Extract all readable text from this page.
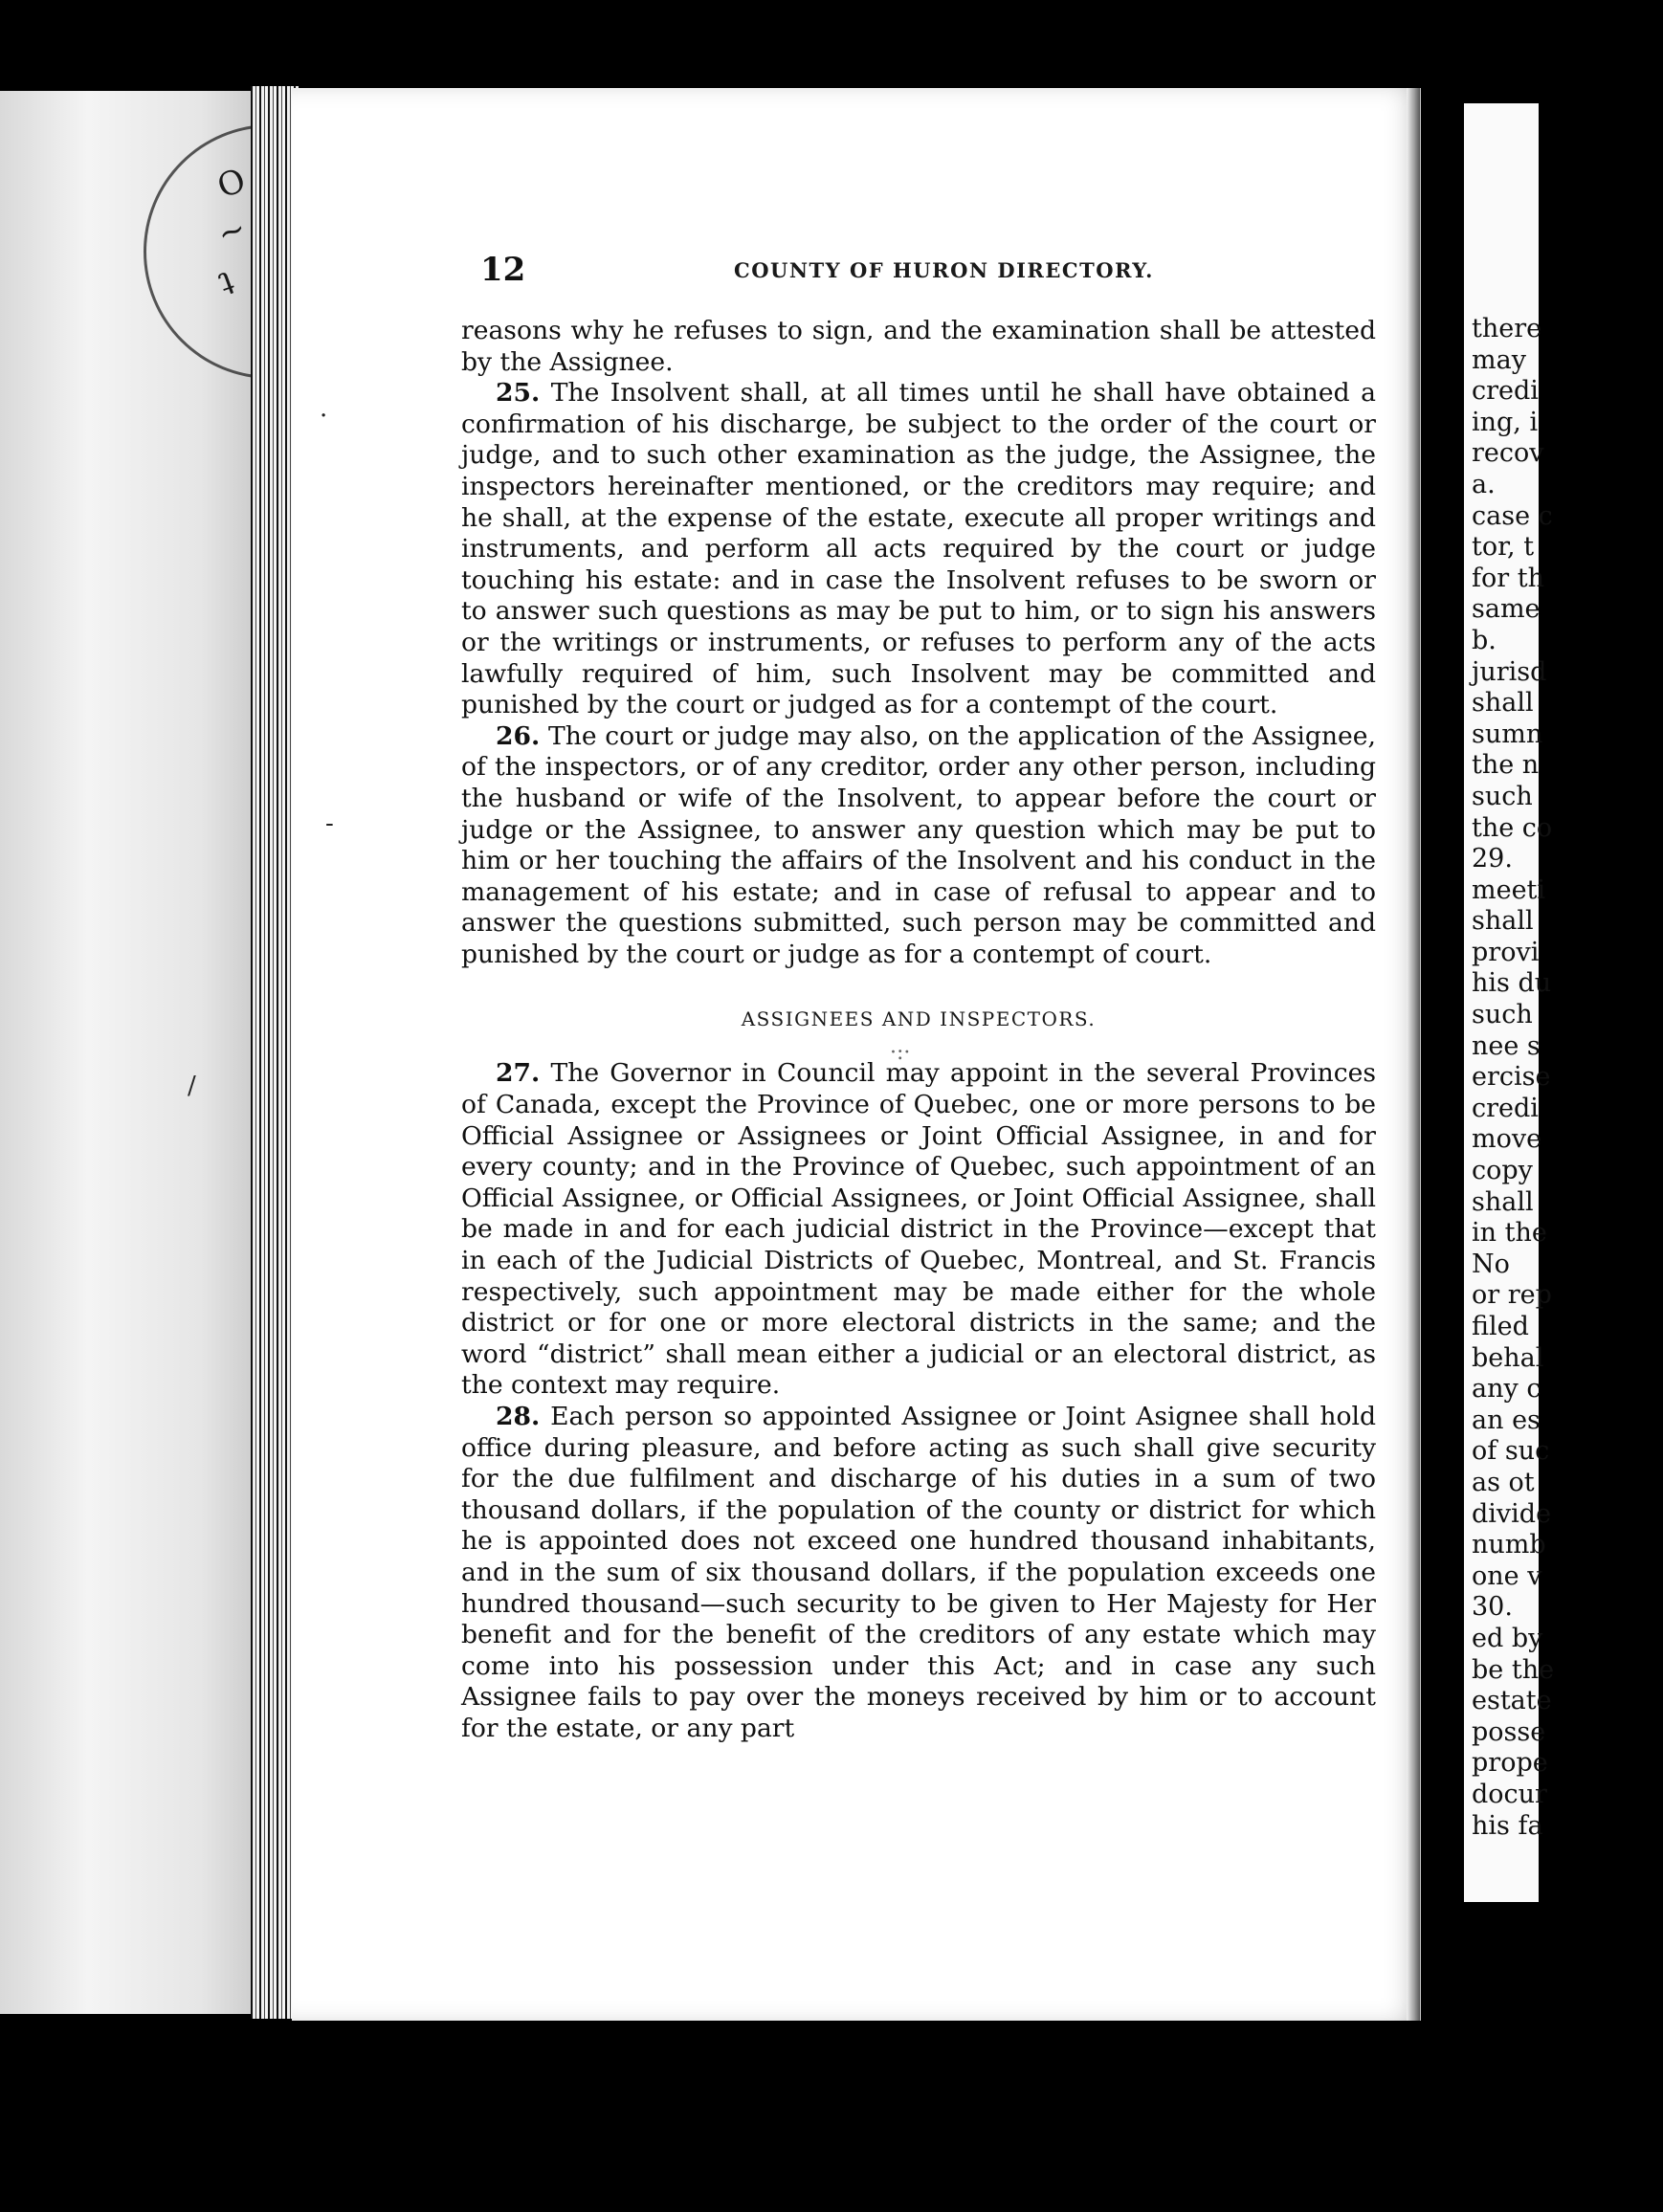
O
~
ʇ
there
may
credi
ing, i
recov
a.
case c
tor, t
for th
same
b.
jurisd
shall
sumn
the n
such
the co
29.
meeti
shall
provi
his du
such
nee s
ercise
credi
move
copy
shall
in the
No
or rep
filed
behal
any c
an es
of suc
as ot
divide
numb
one v
30.
ed by
be the
estate
posse
prope
docur
his fa
12	COUNTY OF HURON DIRECTORY.

reasons why he refuses to sign, and the examination shall be attested by the Assignee.

25. The Insolvent shall, at all times until he shall have obtained a confirmation of his discharge, be subject to the order of the court or judge, and to such other examination as the judge, the Assignee, the inspectors hereinafter mentioned, or the creditors may require; and he shall, at the expense of the estate, execute all proper writings and instruments, and perform all acts required by the court or judge touching his estate: and in case the Insolvent refuses to be sworn or to answer such questions as may be put to him, or to sign his answers or the writings or instruments, or refuses to perform any of the acts lawfully required of him, such Insolvent may be committed and punished by the court or judged as for a contempt of the court.

26. The court or judge may also, on the application of the Assignee, of the inspectors, or of any creditor, order any other person, including the husband or wife of the Insolvent, to appear before the court or judge or the Assignee, to answer any question which may be put to him or her touching the affairs of the Insolvent and his conduct in the management of his estate; and in case of refusal to appear and to answer the questions submitted, such person may be committed and punished by the court or judge as for a contempt of court.

ASSIGNEES AND INSPECTORS.

27. The Governor in Council may appoint in the several Provinces of Canada, except the Province of Quebec, one or more persons to be Official Assignee or Assignees or Joint Official Assignee, in and for every county; and in the Province of Quebec, such appointment of an Official Assignee, or Official Assignees, or Joint Official Assignee, shall be made in and for each judicial district in the Province—except that in each of the Judicial Districts of Quebec, Montreal, and St. Francis respectively, such appointment may be made either for the whole district or for one or more electoral districts in the same; and the word “district” shall mean either a judicial or an electoral district, as the context may require.

28. Each person so appointed Assignee or Joint Asignee shall hold office during pleasure, and before acting as such shall give security for the due fulfilment and discharge of his duties in a sum of two thousand dollars, if the population of the county or district for which he is appointed does not exceed one hundred thousand inhabitants, and in the sum of six thousand dollars, if the population exceeds one hundred thousand—such security to be given to Her Majesty for Her benefit and for the benefit of the creditors of any estate which may come into his possession under this Act; and in case any such Assignee fails to pay over the moneys received by him or to account for the estate, or any part

·
/
-
·:·
